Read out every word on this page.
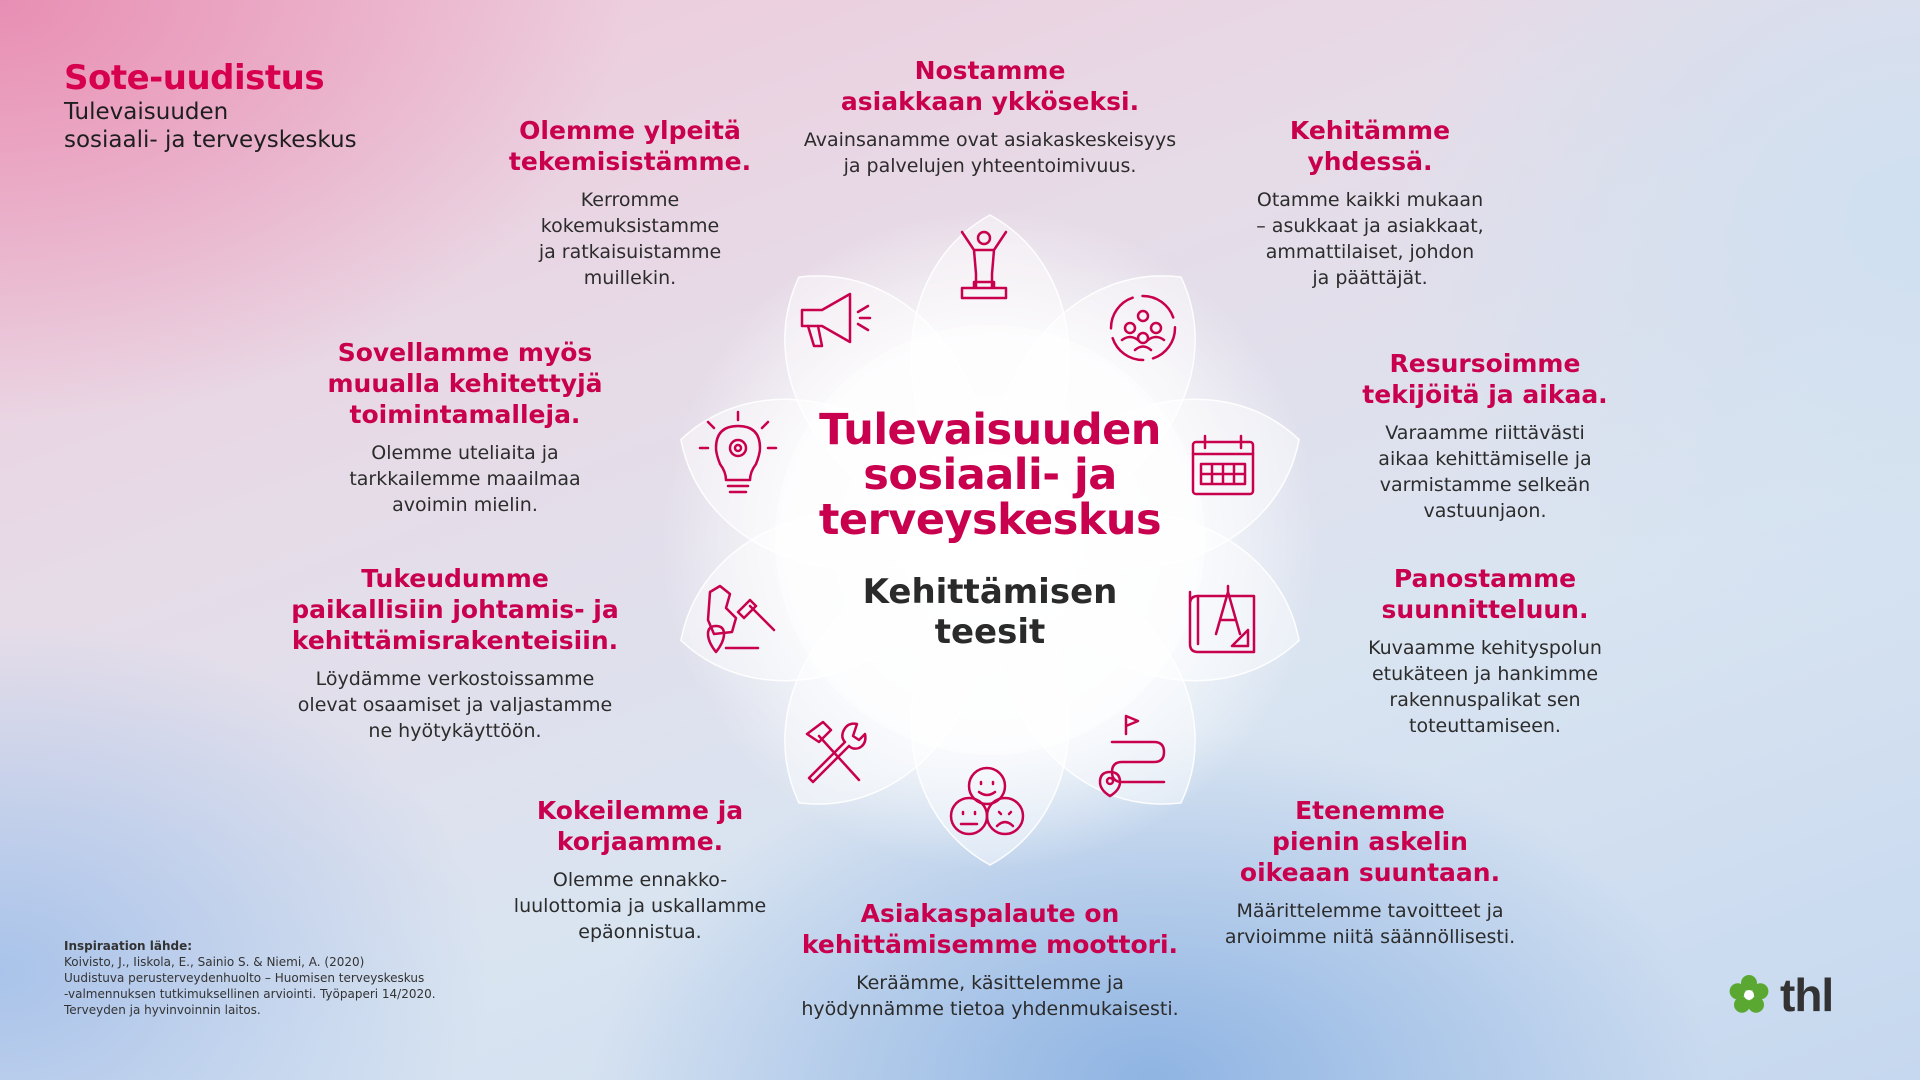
Sote-uudistus
Tulevaisuuden
sosiaali- ja terveyskeskus
Tulevaisuuden
sosiaali- ja
terveyskeskus
Kehittämisen
teesit
Nostamme
asiakkaan ykköseksi.
Avainsanamme ovat asiakaskeskeisyys
ja palvelujen yhteentoimivuus.
Kehitämme
yhdessä.
Otamme kaikki mukaan
– asukkaat ja asiakkaat,
ammattilaiset, johdon
ja päättäjät.
Resursoimme
tekijöitä ja aikaa.
Varaamme riittävästi
aikaa kehittämiselle ja
varmistamme selkeän
vastuunjaon.
Panostamme
suunnitteluun.
Kuvaamme kehityspolun
etukäteen ja hankimme
rakennuspalikat sen
toteuttamiseen.
Etenemme
pienin askelin
oikeaan suuntaan.
Määrittelemme tavoitteet ja
arvioimme niitä säännöllisesti.
Asiakaspalaute on
kehittämisemme moottori.
Keräämme, käsittelemme ja
hyödynnämme tietoa yhdenmukaisesti.
Kokeilemme ja
korjaamme.
Olemme ennakko-
luulottomia ja uskallamme
epäonnistua.
Tukeudumme
paikallisiin johtamis- ja
kehittämisrakenteisiin.
Löydämme verkostoissamme
olevat osaamiset ja valjastamme
ne hyötykäyttöön.
Sovellamme myös
muualla kehitettyjä
toimintamalleja.
Olemme uteliaita ja
tarkkailemme maailmaa
avoimin mielin.
Olemme ylpeitä
tekemisistämme.
Kerromme
kokemuksistamme
ja ratkaisuistamme
muillekin.
Inspiraation lähde:
Koivisto, J., Iiskola, E., Sainio S. & Niemi, A. (2020)
Uudistuva perusterveydenhuolto – Huomisen terveyskeskus
-valmennuksen tutkimuksellinen arviointi. Työpaperi 14/2020.
Terveyden ja hyvinvoinnin laitos.	thl
